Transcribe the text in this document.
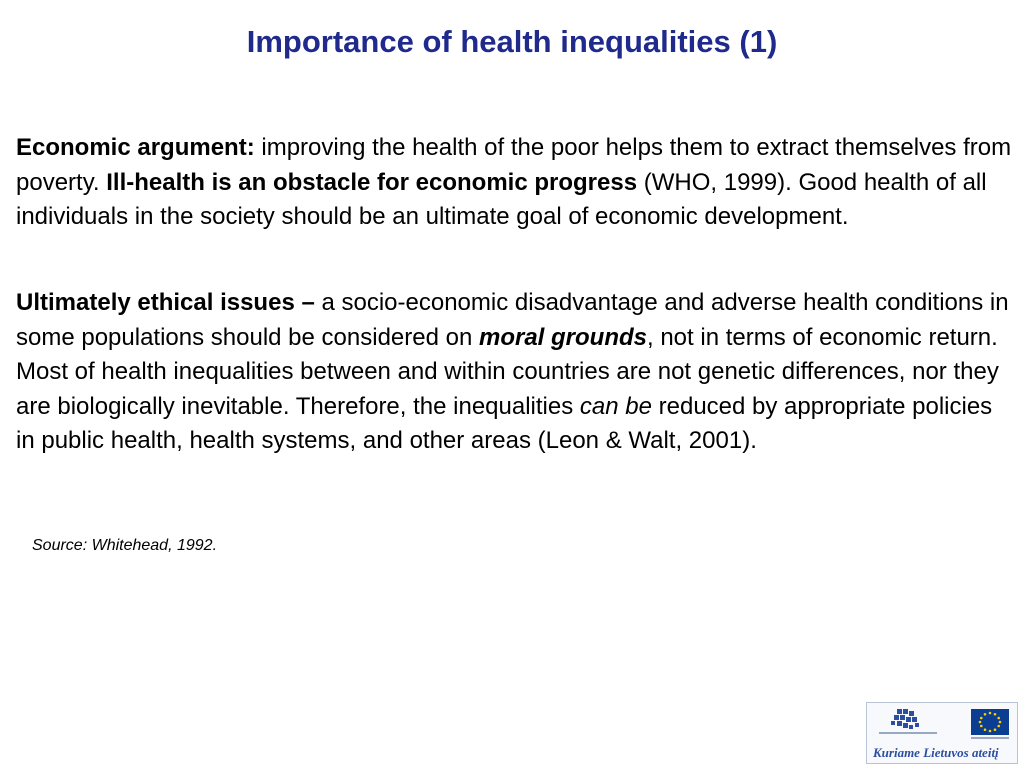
Importance of health inequalities (1)

Economic argument: improving the health of the poor helps them to extract themselves from poverty. Ill-health is an obstacle for economic progress (WHO, 1999). Good health of all individuals in the society should be an ultimate goal of economic development.

Ultimately ethical issues – a socio-economic disadvantage and adverse health conditions in some populations should be considered on moral grounds, not in terms of economic return. Most of health inequalities between and within countries are not genetic differences, nor they are biologically inevitable. Therefore, the inequalities can be reduced by appropriate policies in public health, health systems, and other areas (Leon & Walt, 2001).

Source: Whitehead, 1992.

Kuriame Lietuvos ateitį
